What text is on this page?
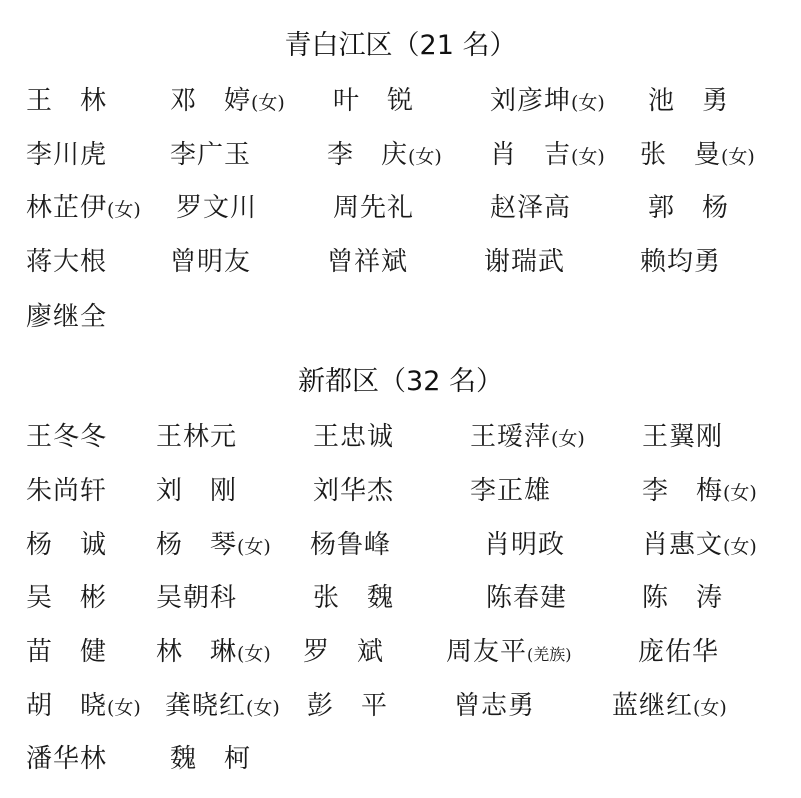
青白江区（21 名）
王　林 邓　婷(女) 叶　锐	刘彦坤(女) 池　勇
李川虎 李广玉	李　庆(女) 肖　吉(女) 张　曼(女)
林芷伊(女) 罗文川	周先礼	赵泽高	郭　杨
蒋大根 曾明友	曾祥斌	谢瑞武	赖均勇
廖继全
新都区（32 名）
王冬冬 王林元	王忠诚	王瑷萍(女) 王翼刚
朱尚轩 刘　刚	刘华杰	李正雄	李　梅(女)
杨　诚 杨　琴(女) 杨鲁峰	肖明政	肖惠文(女)
吴　彬 吴朝科	张　魏	陈春建	陈　涛
苗　健 林　琳(女) 罗　斌 周友平(羌族)	庞佑华
胡　晓(女) 龚晓红(女) 彭　平	曾志勇	蓝继红(女)
潘华林 魏　柯
